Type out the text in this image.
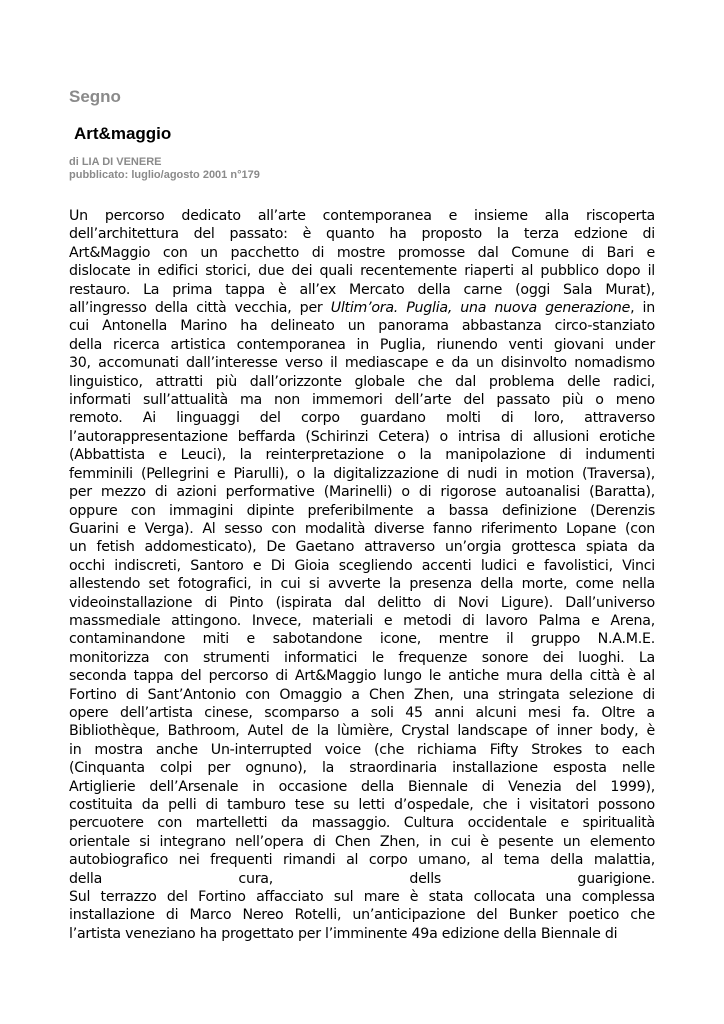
Segno
Art&maggio
di LIA DI VENERE
pubblicato: luglio/agosto 2001 n°179

Un percorso dedicato all’arte contemporanea e insieme alla riscoperta

dell’architettura del passato: è quanto ha proposto la terza edzione di

Art&Maggio con un pacchetto di mostre promosse dal Comune di Bari e

dislocate in edifici storici, due dei quali recentemente riaperti al pubblico dopo il

restauro. La prima tappa è all’ex Mercato della carne (oggi Sala Murat),

all’ingresso della città vecchia, per Ultim’ora. Puglia, una nuova generazione, in

cui Antonella Marino ha delineato un panorama abbastanza circo-stanziato

della ricerca artistica contemporanea in Puglia, riunendo venti giovani under

30, accomunati dall’interesse verso il mediascape e da un disinvolto nomadismo

linguistico, attratti più dall’orizzonte globale che dal problema delle radici,

informati sull’attualità ma non immemori dell’arte del passato più o meno

remoto. Ai linguaggi del corpo guardano molti di loro, attraverso

l’autorappresentazione beffarda (Schirinzi Cetera) o intrisa di allusioni erotiche

(Abbattista e Leuci), la reinterpretazione o la manipolazione di indumenti

femminili (Pellegrini e Piarulli), o la digitalizzazione di nudi in motion (Traversa),

per mezzo di azioni performative (Marinelli) o di rigorose autoanalisi (Baratta),

oppure con immagini dipinte preferibilmente a bassa definizione (Derenzis

Guarini e Verga). Al sesso con modalità diverse fanno riferimento Lopane (con

un fetish addomesticato), De Gaetano attraverso un’orgia grottesca spiata da

occhi indiscreti, Santoro e Di Gioia scegliendo accenti ludici e favolistici, Vinci

allestendo set fotografici, in cui si avverte la presenza della morte, come nella

videoinstallazione di Pinto (ispirata dal delitto di Novi Ligure). Dall’universo

massmediale attingono. Invece, materiali e metodi di lavoro Palma e Arena,

contaminandone miti e sabotandone icone, mentre il gruppo N.A.M.E.

monitorizza con strumenti informatici le frequenze sonore dei luoghi. La

seconda tappa del percorso di Art&Maggio lungo le antiche mura della città è al

Fortino di Sant’Antonio con Omaggio a Chen Zhen, una stringata selezione di

opere dell’artista cinese, scomparso a soli 45 anni alcuni mesi fa. Oltre a

Bibliothèque, Bathroom, Autel de la lùmière, Crystal landscape of inner body, è

in mostra anche Un-interrupted voice (che richiama Fifty Strokes to each

(Cinquanta colpi per ognuno), la straordinaria installazione esposta nelle

Artiglierie dell’Arsenale in occasione della Biennale di Venezia del 1999),

costituita da pelli di tamburo tese su letti d’ospedale, che i visitatori possono

percuotere con martelletti da massaggio. Cultura occidentale e spiritualità

orientale si integrano nell’opera di Chen Zhen, in cui è pesente un elemento

autobiografico nei frequenti rimandi al corpo umano, al tema della malattia,

della cura, dells guarigione.

Sul terrazzo del Fortino affacciato sul mare è stata collocata una complessa

installazione di Marco Nereo Rotelli, un’anticipazione del Bunker poetico che

l’artista veneziano ha progettato per l’imminente 49a edizione della Biennale di
